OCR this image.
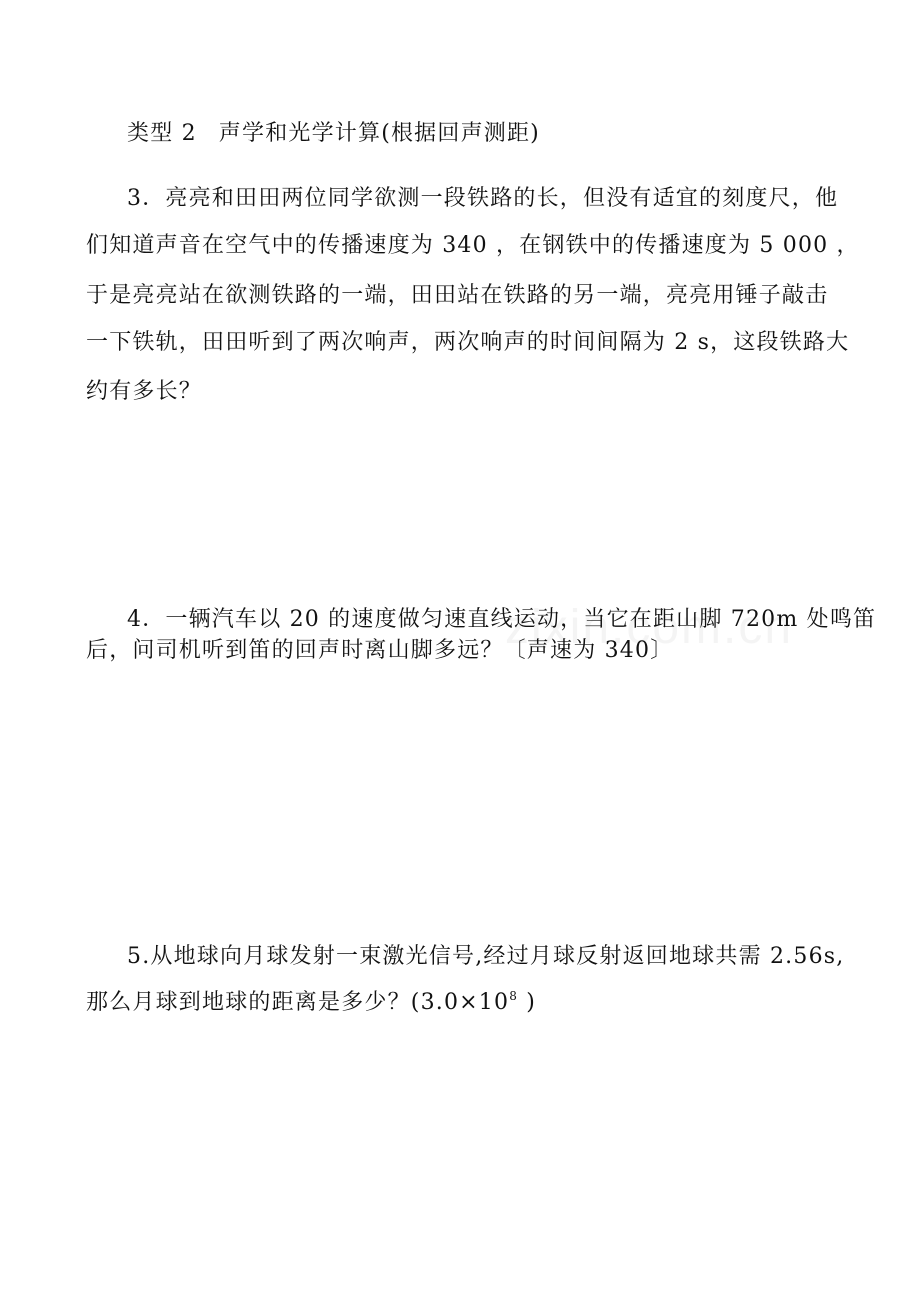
类型 2 声学和光学计算(根据回声测距)
3．亮亮和田田两位同学欲测一段铁路的长，但没有适宜的刻度尺，他
们知道声音在空气中的传播速度为 340 ，在钢铁中的传播速度为 5 000 ，
于是亮亮站在欲测铁路的一端，田田站在铁路的另一端，亮亮用锤子敲击
一下铁轨，田田听到了两次响声，两次响声的时间间隔为 2 s，这段铁路大
约有多长？
4．一辆汽车以 20 的速度做匀速直线运动，当它在距山脚 720m 处鸣笛
后，问司机听到笛的回声时离山脚多远？〔声速为 340〕
5.从地球向月球发射一束激光信号,经过月球反射返回地球共需 2.56s,
那么月球到地球的距离是多少？($3.0\times 10^8$ )
